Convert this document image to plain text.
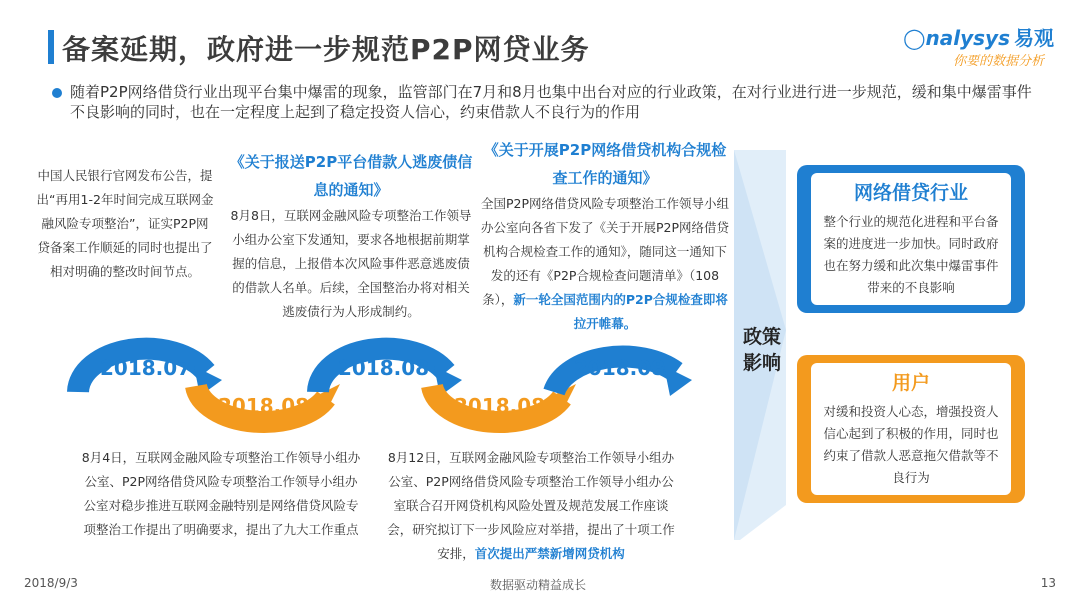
备案延期，政府进一步规范P2P网贷业务	◯nalysys 易观
你要的数据分析
随着P2P网络借贷行业出现平台集中爆雷的现象，监管部门在7月和8月也集中出台对应的行业政策，在对行业进行进一步规范，缓和集中爆雷事件不良影响的同时，也在一定程度上起到了稳定投资人信心，约束借款人不良行为的作用
中国人民银行官网发布公告，提出“再用1-2年时间完成互联网金融风险专项整治”，证实P2P网贷备案工作顺延的同时也提出了相对明确的整改时间节点。
《关于报送P2P平台借款人逃废债信息的通知》
8月8日，互联网金融风险专项整治工作领导小组办公室下发通知，要求各地根据前期掌握的信息，上报借本次风险事件恶意逃废债的借款人名单。后续，全国整治办将对相关逃废债行为人形成制约。
《关于开展P2P网络借贷机构合规检查工作的通知》
全国P2P网络借贷风险专项整治工作领导小组办公室向各省下发了《关于开展P2P网络借贷机构合规检查工作的通知》，随同这一通知下发的还有《P2P合规检查问题清单》（108条），新一轮全国范围内的P2P合规检查即将拉开帷幕。
2018.07
2018.08
2018.08
2018.08
2018.08
8月4日，互联网金融风险专项整治工作领导小组办公室、P2P网络借贷风险专项整治工作领导小组办公室对稳步推进互联网金融特别是网络借贷风险专项整治工作提出了明确要求，提出了九大工作重点
8月12日，互联网金融风险专项整治工作领导小组办公室、P2P网络借贷风险专项整治工作领导小组办公室联合召开网贷机构风险处置及规范发展工作座谈会，研究拟订下一步风险应对举措，提出了十项工作安排，首次提出严禁新增网贷机构
政策影响
网络借贷行业
整个行业的规范化进程和平台备案的进度进一步加快。同时政府也在努力缓和此次集中爆雷事件带来的不良影响
用户
对缓和投资人心态，增强投资人信心起到了积极的作用，同时也约束了借款人恶意拖欠借款等不良行为
2018/9/3	数据驱动精益成长	13
